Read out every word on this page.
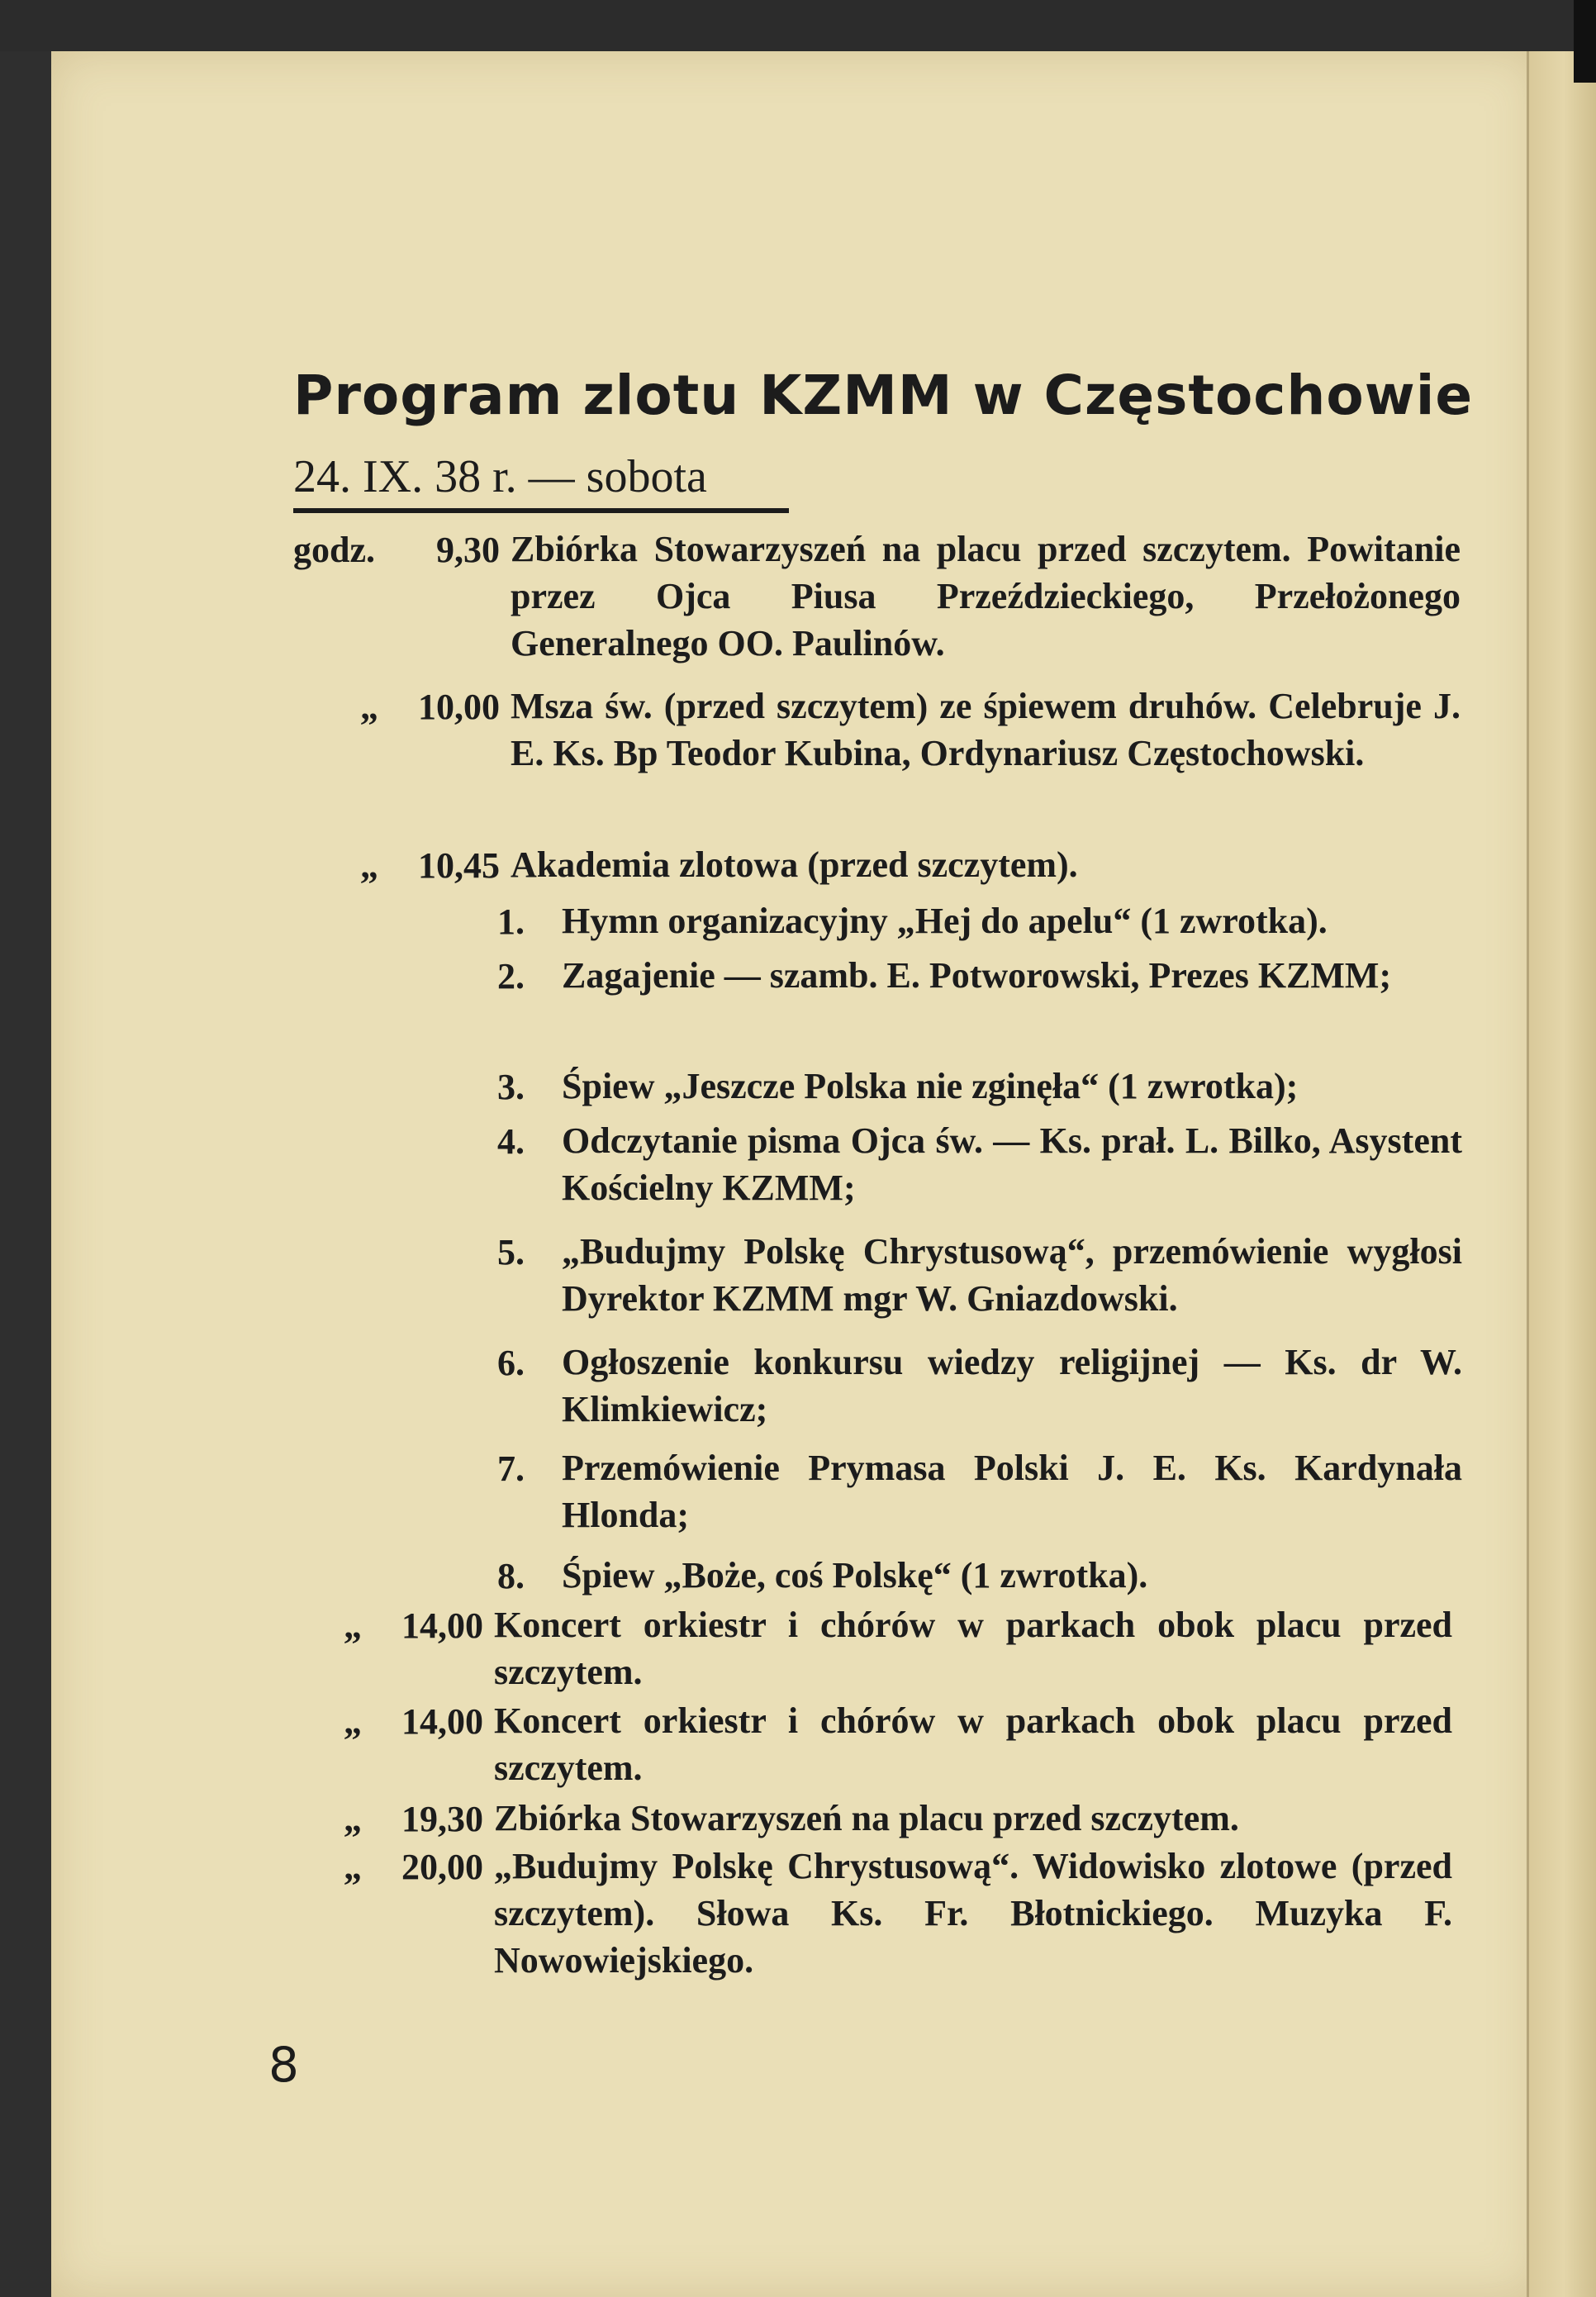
Program zlotu KZMM w Częstochowie
24. IX. 38 r. — sobota
godz.	9,30 Zbiórka Stowarzyszeń na placu przed szczytem. Powitanie przez Ojca Piusa Przeździeckiego, Przełożonego Generalnego OO. Paulinów.
„ 10,00 Msza św. (przed szczytem) ze śpiewem druhów. Celebruje J. E. Ks. Bp Teodor Kubina, Ordynariusz Częstochowski.
„ 10,45 Akademia zlotowa (przed szczytem).
1. Hymn organizacyjny „Hej do apelu“ (1 zwrotka).
2. Zagajenie — szamb. E. Potworowski, Prezes KZMM;
3. Śpiew „Jeszcze Polska nie zginęła“ (1 zwrotka);
4. Odczytanie pisma Ojca św. — Ks. prał. L. Bilko, Asystent Kościelny KZMM;
5. „Budujmy Polskę Chrystusową“, przemówienie wygłosi Dyrektor KZMM mgr W. Gniazdowski.
6. Ogłoszenie konkursu wiedzy religijnej — Ks. dr W. Klimkiewicz;
7. Przemówienie Prymasa Polski J. E. Ks. Kardynała Hlonda;
8. Śpiew „Boże, coś Polskę“ (1 zwrotka).
„ 14,00 Koncert orkiestr i chórów w parkach obok placu przed szczytem.
„ 14,00 Koncert orkiestr i chórów w parkach obok placu przed szczytem.
„ 19,30 Zbiórka Stowarzyszeń na placu przed szczytem.
„ 20,00 „Budujmy Polskę Chrystusową“. Widowisko zlotowe (przed szczytem). Słowa Ks. Fr. Błotnickiego. Muzyka F. Nowowiejskiego.
8
